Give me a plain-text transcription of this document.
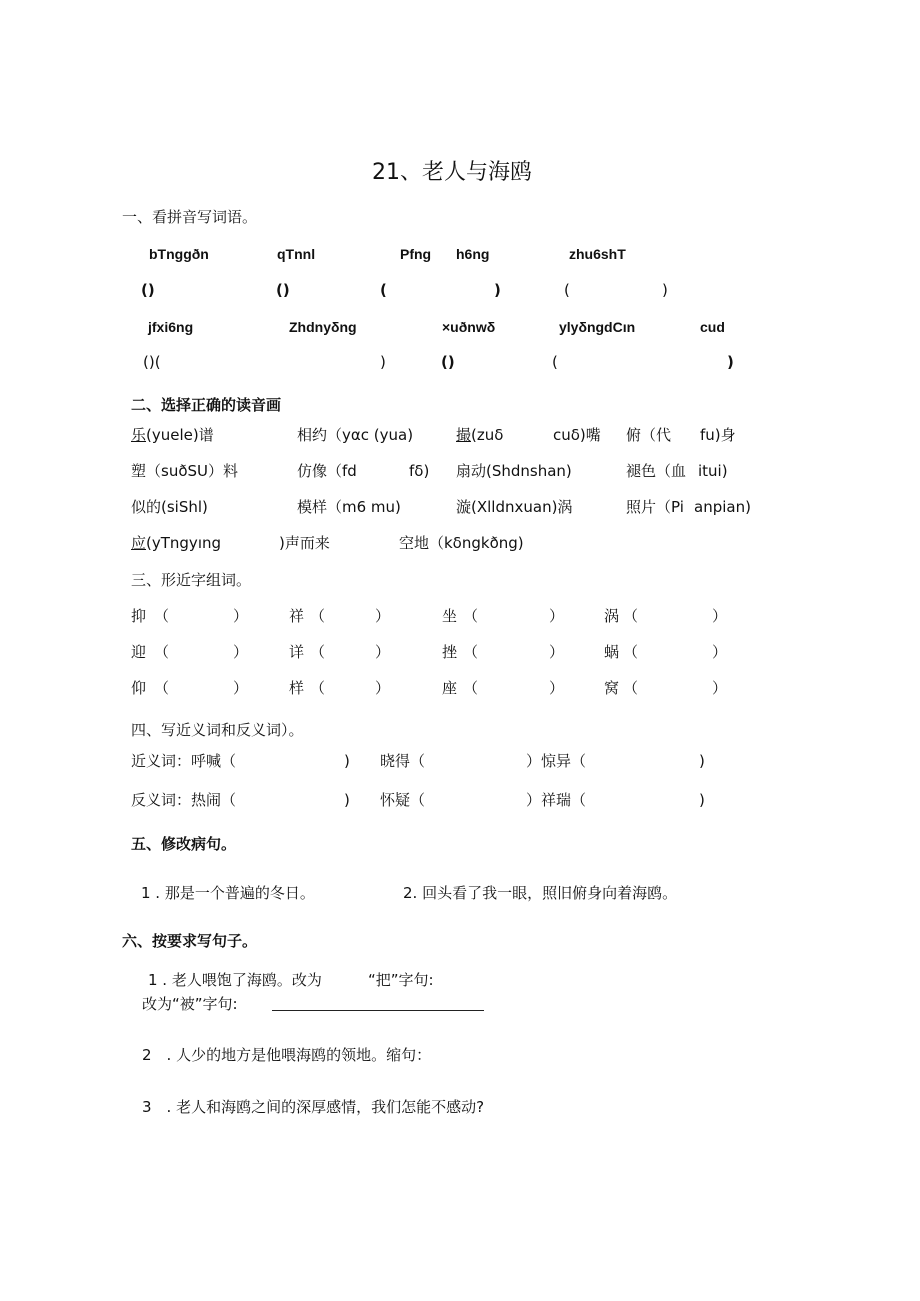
21、老人与海鸥
一、看拼音写词语。
bTnggðn	qTnnl	Pfng h6ng	zhu6shT
()	()	(	)	(	)
jfxi6ng	Zhdnyδng	×uðnwδ	ylyδngdCın	cud
()(	)	()	(	)
二、选择正确的读音画
乐(yuele)谱	相约（yαc (yua)	撮(zuδ	cuδ)嘴 俯（代 fu)身
塑（suðSU）料	仿像（fd	fδ) 扇动(Shdnshan)	褪色（血 itui)
似的(siShl)	模样（m6 mu)	漩(Xlldnxuan)涡	照片（Pi anpian)
应(yTngyıng	)声而来	空地（kδngkðng)
三、形近字组词。
抑 （	）	祥 （	）	坐 （	）	涡 （	）
迎 （	）	详 （	）	挫 （	）	蜗 （	）
仰 （	）	样 （	）	座 （	）	窝 （	）
四、写近义词和反义词）。
近义词：呼喊（	) 晓得（	）惊异（	)
反义词：热闹（	) 怀疑（	）祥瑞（	)
五、修改病句。
1 . 那是一个普遍的冬日。	2. 回头看了我一眼，照旧俯身向着海鸥。
六、按要求写句子。
1 . 老人喂饱了海鸥。改为	“把”字句:
改为“被”字句:
2　. 人少的地方是他喂海鸥的领地。缩句：
3　. 老人和海鸥之间的深厚感情，我们怎能不感动?
